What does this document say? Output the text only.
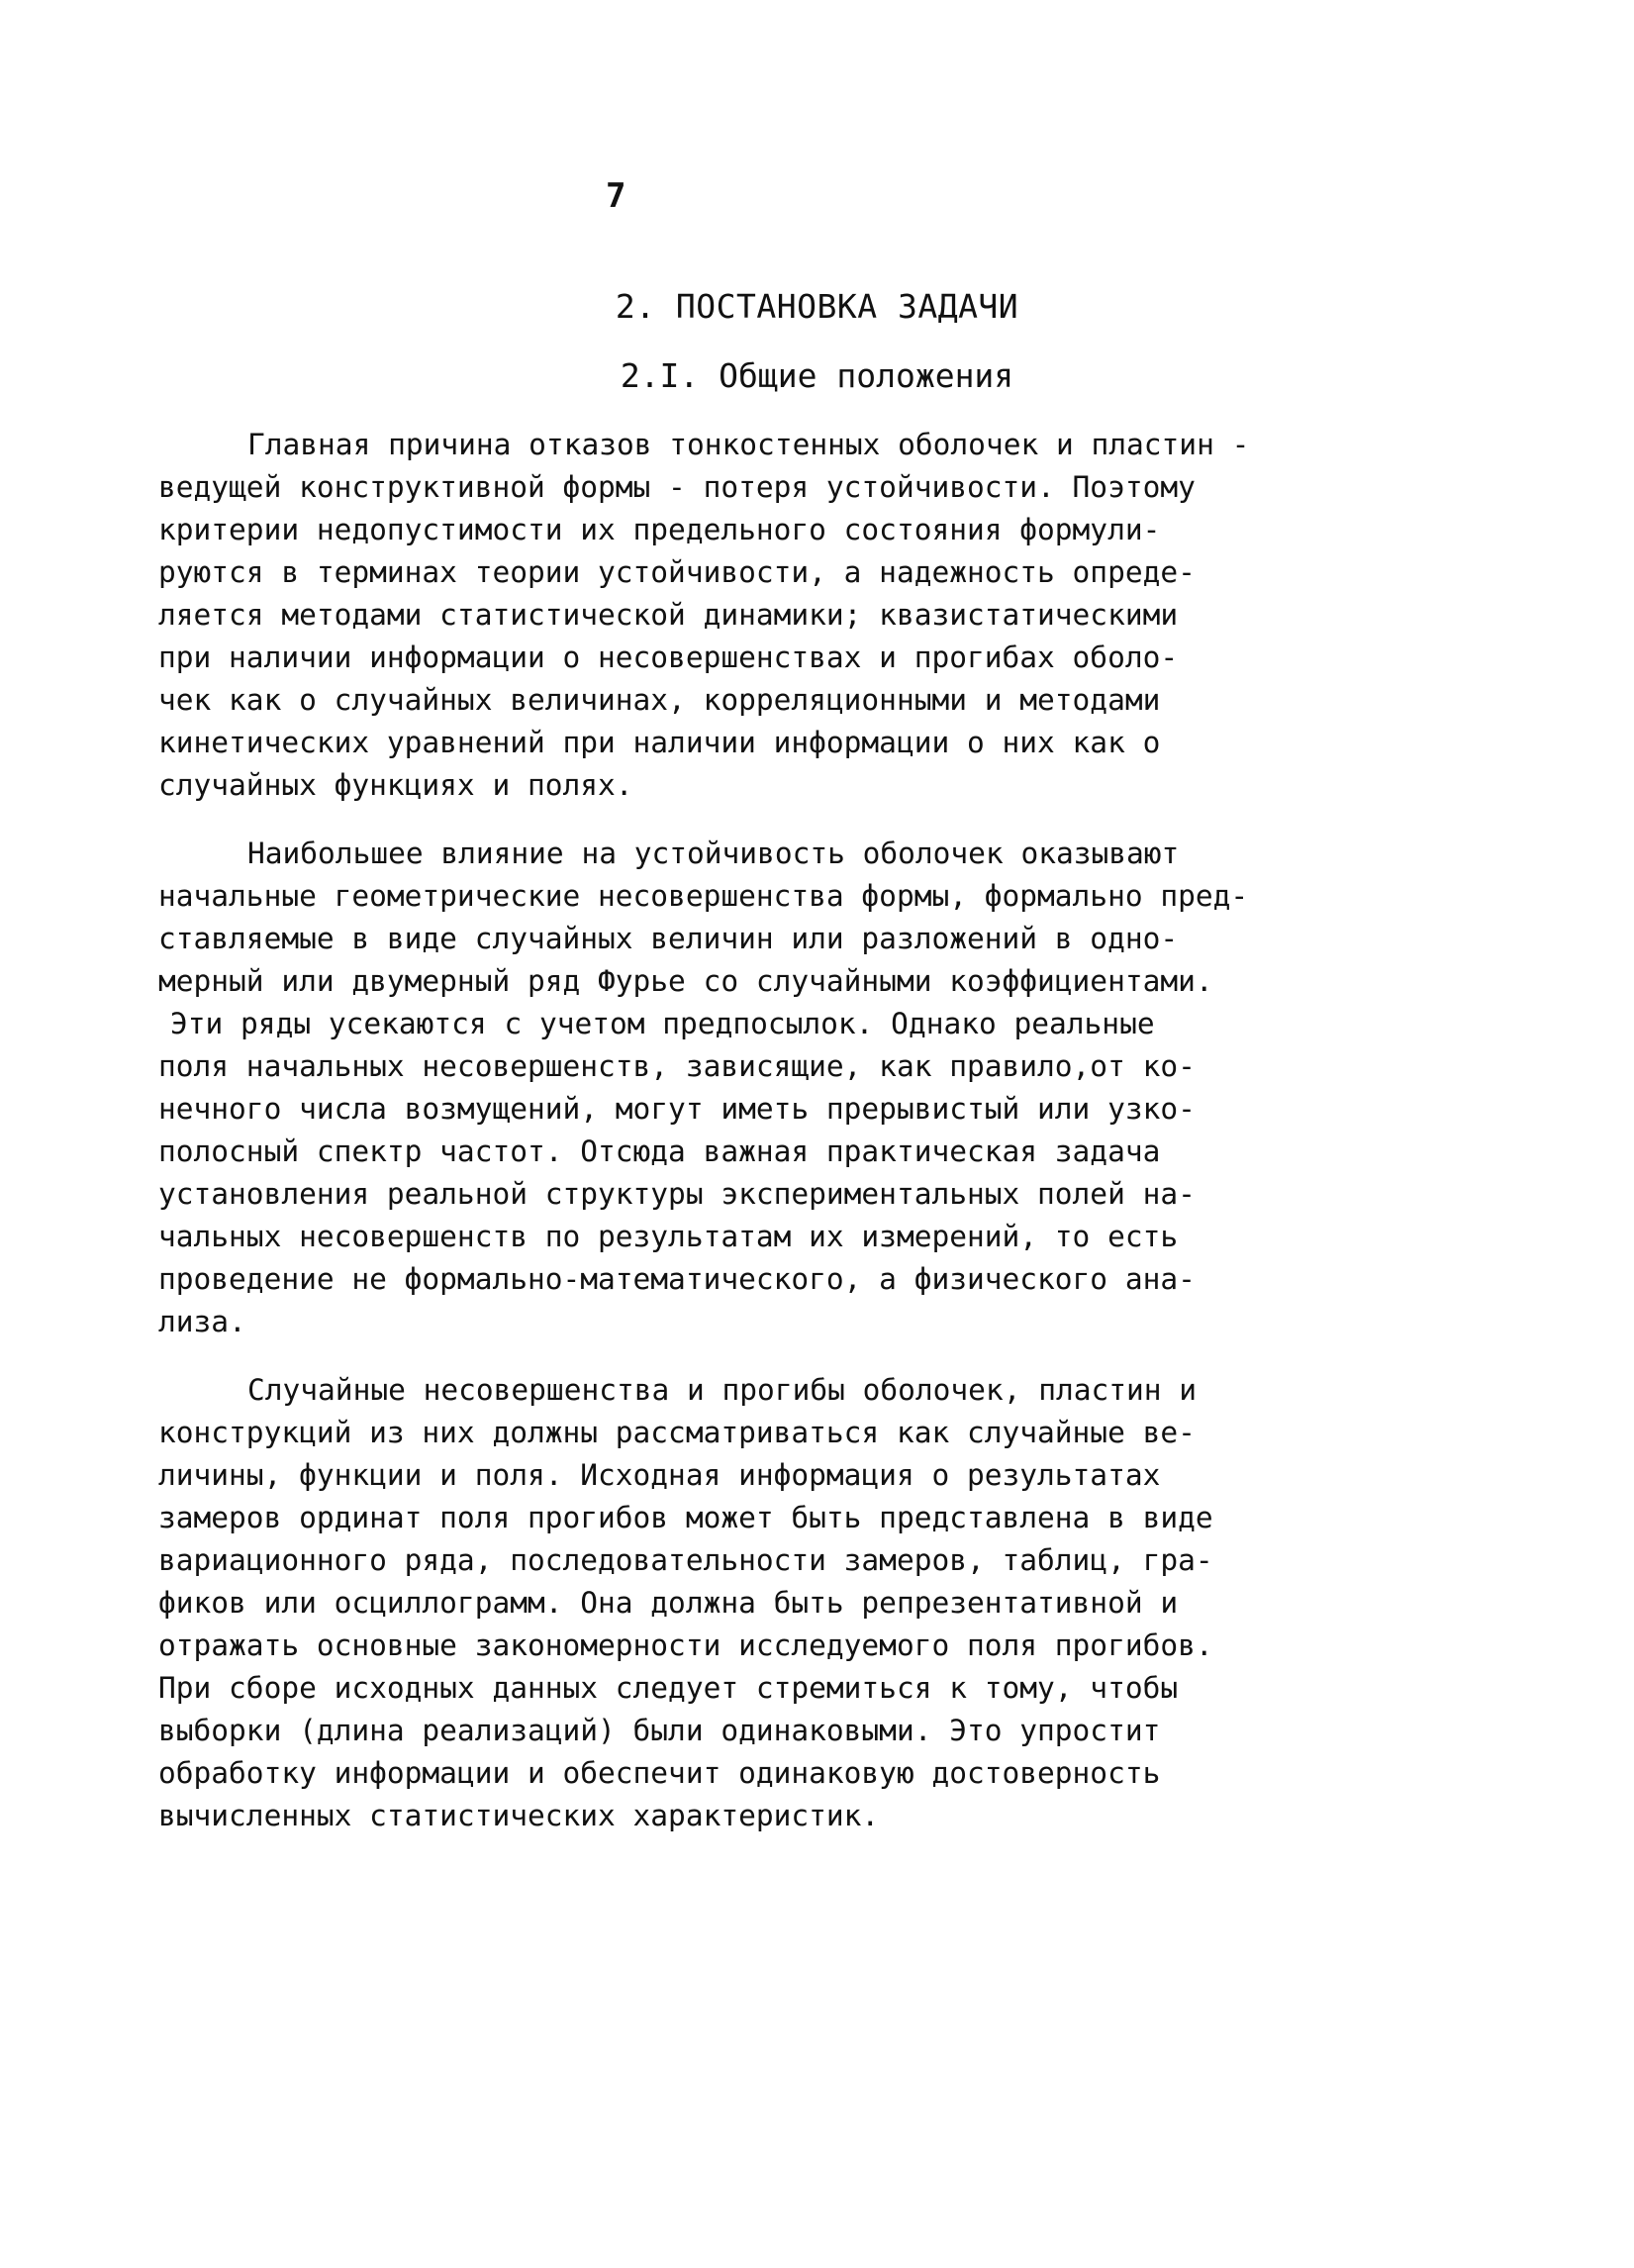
7

2. ПОСТАНОВКА ЗАДАЧИ
2.I. Общие положения
Главная причина отказов тонкостенных оболочек и пластин -
ведущей конструктивной формы - потеря устойчивости. Поэтому
критерии недопустимости их предельного состояния формули-
руются в терминах теории устойчивости, а надежность опреде-
ляется методами статистической динамики; квазистатическими
при наличии информации о несовершенствах и прогибах оболо-
чек как о случайных величинах, корреляционными и методами
кинетических уравнений при наличии информации о них как о
случайных функциях и полях.
Наибольшее влияние на устойчивость оболочек оказывают
начальные геометрические несовершенства формы, формально пред-
ставляемые в виде случайных величин или разложений в одно-
мерный или двумерный ряд Фурье со случайными коэффициентами.
Эти ряды усекаются с учетом предпосылок. Однако реальные
поля начальных несовершенств, зависящие, как правило,от ко-
нечного числа возмущений, могут иметь прерывистый или узко-
полосный спектр частот. Отсюда важная практическая задача
установления реальной структуры экспериментальных полей на-
чальных несовершенств по результатам их измерений, то есть
проведение не формально-математического, а физического ана-
лиза.
Случайные несовершенства и прогибы оболочек, пластин и
конструкций из них должны рассматриваться как случайные ве-
личины, функции и поля. Исходная информация о результатах
замеров ординат поля прогибов может быть представлена в виде
вариационного ряда, последовательности замеров, таблиц, гра-
фиков или осциллограмм. Она должна быть репрезентативной и
отражать основные закономерности исследуемого поля прогибов.
При сборе исходных данных следует стремиться к тому, чтобы
выборки (длина реализаций) были одинаковыми. Это упростит
обработку информации и обеспечит одинаковую достоверность
вычисленных статистических характеристик.
